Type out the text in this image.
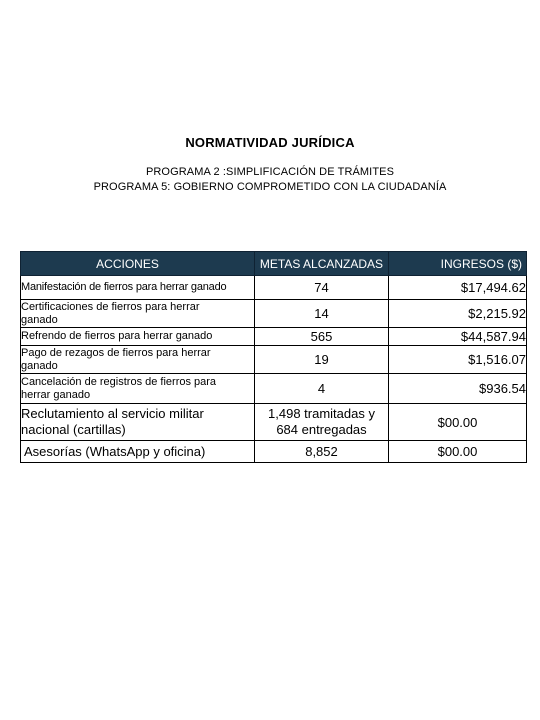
NORMATIVIDAD JURÍDICA
PROGRAMA 2 :SIMPLIFICACIÓN DE TRÁMITES
PROGRAMA 5: GOBIERNO COMPROMETIDO CON LA CIUDADANÍA
ACCIONES	METAS ALCANZADAS	INGRESOS ($)
Manifestación de fierros para herrar ganado	74	$17,494.62
Certificaciones de fierros para herrar ganado	14	$2,215.92
Refrendo de fierros para herrar ganado	565	$44,587.94
Pago de rezagos de fierros para herrar ganado	19	$1,516.07
Cancelación de registros de fierros para herrar ganado	4	$936.54
Reclutamiento al servicio militar nacional (cartillas)	1,498 tramitadas y 684 entregadas	$00.00
Asesorías (WhatsApp y oficina)	8,852	$00.00
